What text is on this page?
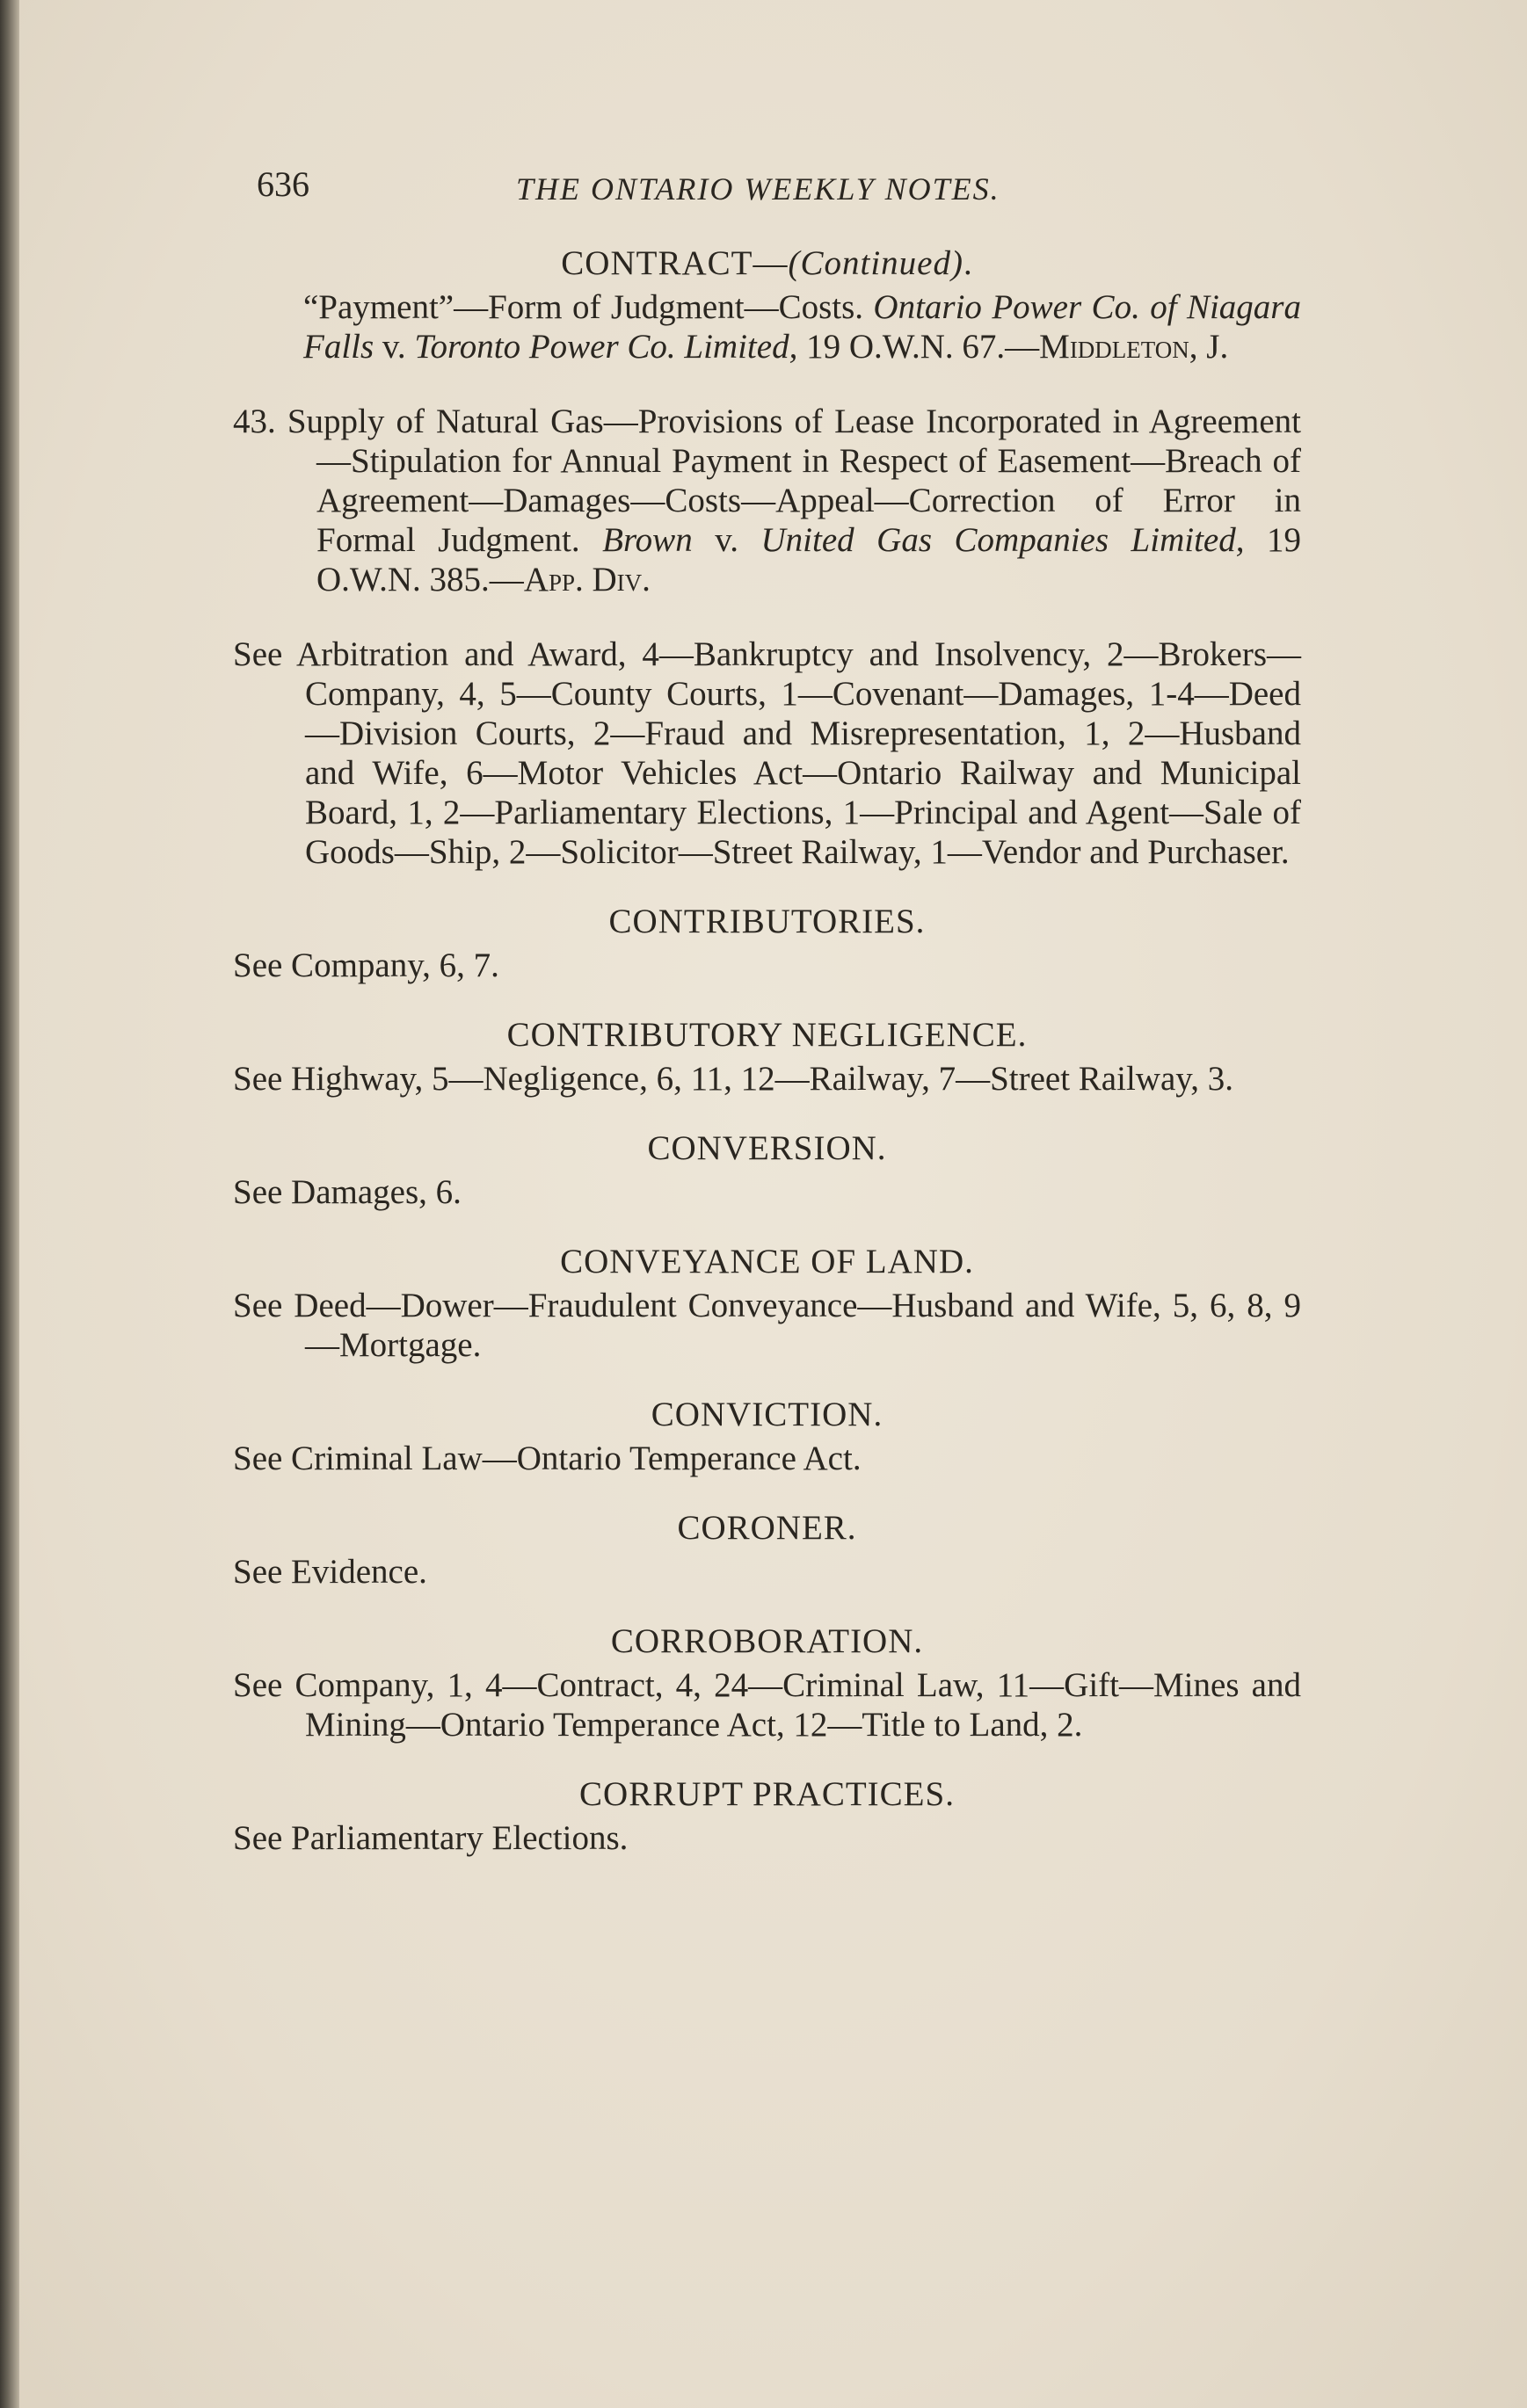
636	THE ONTARIO WEEKLY NOTES.
CONTRACT—(Continued).

“Payment”—Form of Judgment—Costs. Ontario Power Co. of Niagara Falls v. Toronto Power Co. Limited, 19 O.W.N. 67.—Middleton, J.

43. Supply of Natural Gas—Provisions of Lease Incorporated in Agreement—Stipulation for Annual Payment in Respect of Easement—Breach of Agreement—Damages—Costs—Appeal—Correction of Error in Formal Judgment. Brown v. United Gas Companies Limited, 19 O.W.N. 385.—App. Div.

See Arbitration and Award, 4—Bankruptcy and Insolvency, 2—Brokers—Company, 4, 5—County Courts, 1—Covenant—Damages, 1-4—Deed—Division Courts, 2—Fraud and Misrepresentation, 1, 2—Husband and Wife, 6—Motor Vehicles Act—Ontario Railway and Municipal Board, 1, 2—Parliamentary Elections, 1—Principal and Agent—Sale of Goods—Ship, 2—Solicitor—Street Railway, 1—Vendor and Purchaser.

CONTRIBUTORIES.

See Company, 6, 7.

CONTRIBUTORY NEGLIGENCE.

See Highway, 5—Negligence, 6, 11, 12—Railway, 7—Street Railway, 3.

CONVERSION.

See Damages, 6.

CONVEYANCE OF LAND.

See Deed—Dower—Fraudulent Conveyance—Husband and Wife, 5, 6, 8, 9—Mortgage.

CONVICTION.

See Criminal Law—Ontario Temperance Act.

CORONER.

See Evidence.

CORROBORATION.

See Company, 1, 4—Contract, 4, 24—Criminal Law, 11—Gift—Mines and Mining—Ontario Temperance Act, 12—Title to Land, 2.

CORRUPT PRACTICES.

See Parliamentary Elections.
